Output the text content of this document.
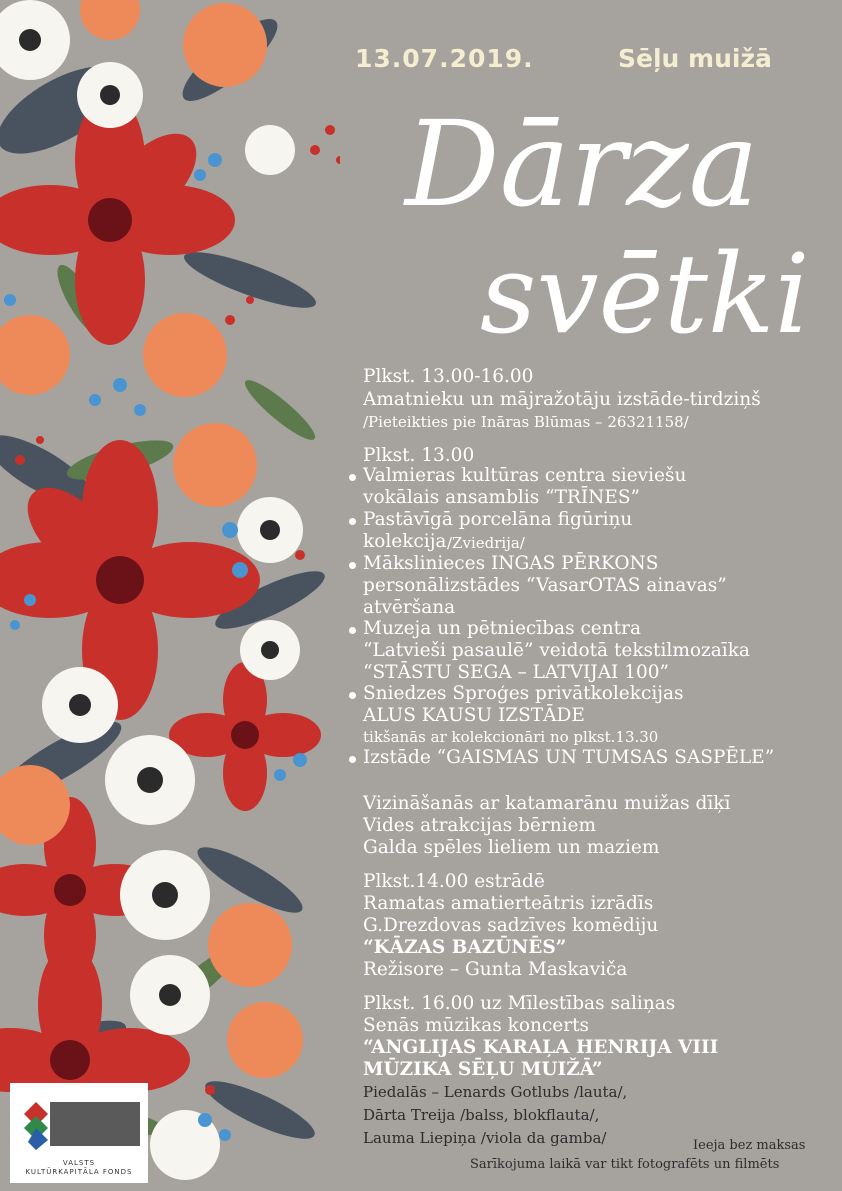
13.07.2019.	Sēļu muižā
Dārza
svētki
Plkst. 13.00-16.00
Amatnieku un mājražotāju izstāde-tirdziņš
/Pieteikties pie Ināras Blūmas – 26321158/
Plkst. 13.00
Valmieras kultūras centra sieviešu
vokālais ansamblis “TRĪNES”
Pastāvīgā porcelāna figūriņu
kolekcija /Zviedrija/
Mākslinieces INGAS PĒRKONS
personālizstādes “VasarOTAS ainavas”
atvēršana
Muzeja un pētniecības centra
“Latvieši pasaulē” veidotā tekstilmozaīka
“STĀSTU SEGA – LATVIJAI 100”
Sniedzes Sproģes privātkolekcijas
ALUS KAUSU IZSTĀDE
tikšanās ar kolekcionāri no plkst.13.30
Izstāde “GAISMAS UN TUMSAS SASPĒLE”
Vizināšanās ar katamarānu muižas dīķī
Vides atrakcijas bērniem
Galda spēles lieliem un maziem
Plkst.14.00 estrādē
Ramatas amatierteātris izrādīs
G.Drezdovas sadzīves komēdiju
“KĀZAS BAZŪNĒS”
Režisore – Gunta Maskaviča
Plkst. 16.00 uz Mīlestības saliņas
Senās mūzikas koncerts
“ANGLIJAS KARAĻA HENRIJA VIII
MŪZIKA SĒĻU MUIŽĀ”
Piedalās – Lenards Gotlubs /lauta/,
Dārta Treija /balss, blokflauta/,
Lauma Liepiņa /viola da gamba/	Ieeja bez maksas
Sarīkojuma laikā var tikt fotografēts un filmēts
VALSTS
KULTŪRKAPITĀLA FONDS
